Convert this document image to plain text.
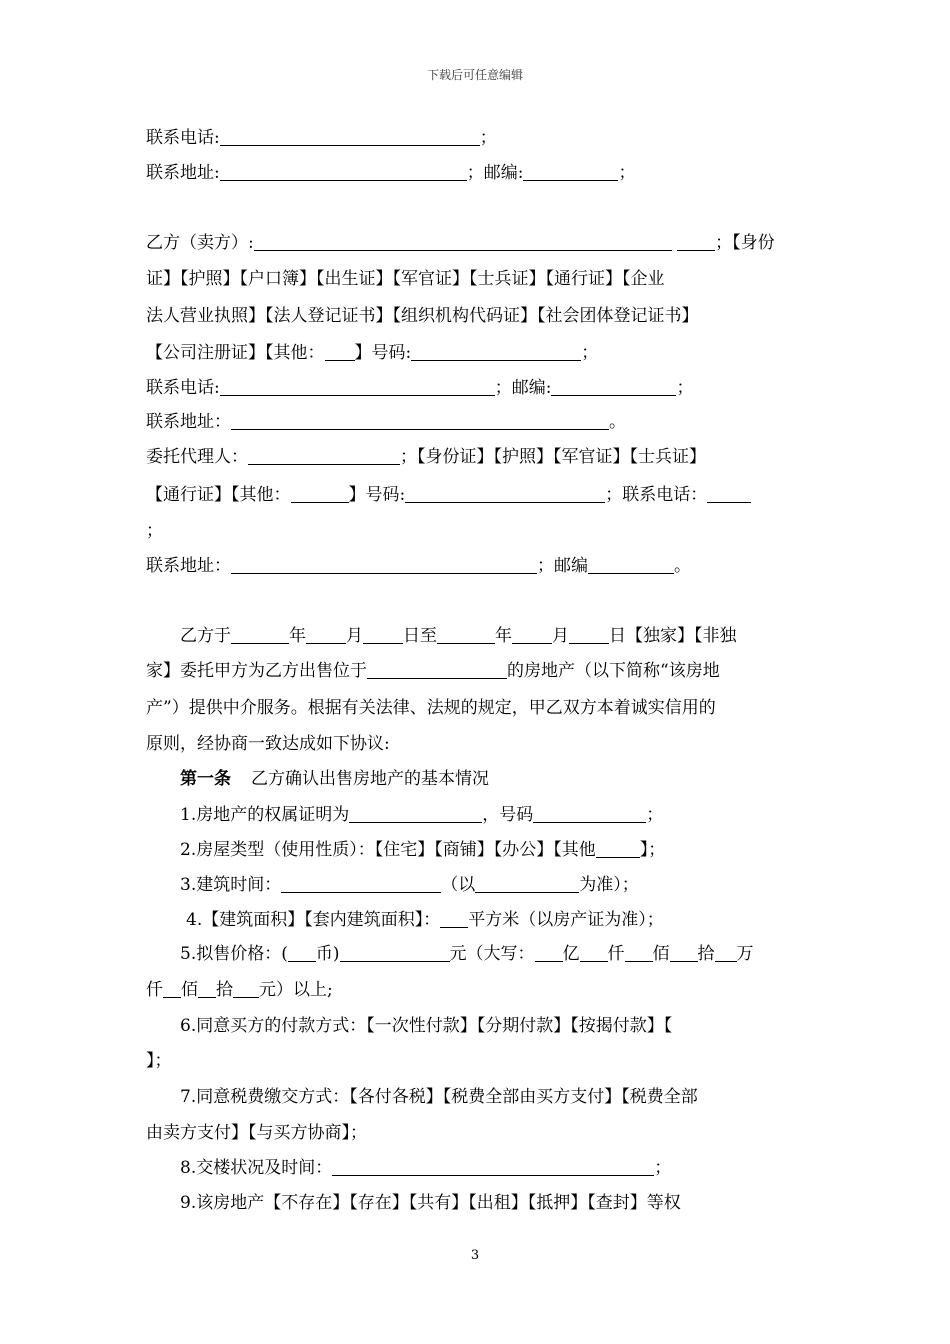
下载后可任意编辑
联系电话:	；
联系地址:	；邮编:	；
乙方（卖方）:	；【身份
证】【护照】【户口簿】【出生证】【军官证】【士兵证】【通行证】【企业
法人营业执照】【法人登记证书】【组织机构代码证】【社会团体登记证书】
【公司注册证】【其他： 】号码:	；
联系电话:	；邮编:	；
联系地址：	。
委托代理人：	；【身份证】【护照】【军官证】【士兵证】
【通行证】【其他：	】号码:	；联系电话：
；
联系地址：	；邮编	。
乙方于	年 月 日至	年 月 日【独家】【非独
家】委托甲方为乙方出售位于	的房地产（以下简称“该房地
产”）提供中介服务。根据有关法律、法规的规定，甲乙双方本着诚实信用的
原则，经协商一致达成如下协议:
第一条 乙方确认出售房地产的基本情况
1.房地产的权属证明为	，号码	；
2.房屋类型（使用性质）：【住宅】【商铺】【办公】【其他	】；
3.建筑时间：	（以	为准）；
4.【建筑面积】【套内建筑面积】： 平方米（以房产证为准）；
5.拟售价格：( 币)	元（大写： 亿 仟 佰 拾 万
仟 佰 拾 元）以上;
6.同意买方的付款方式：【一次性付款】【分期付款】【按揭付款】【
】；
7.同意税费缴交方式：【各付各税】【税费全部由买方支付】【税费全部
由卖方支付】【与买方协商】；
8.交楼状况及时间：	；
9.该房地产【不存在】【存在】【共有】【出租】【抵押】【查封】等权
3
